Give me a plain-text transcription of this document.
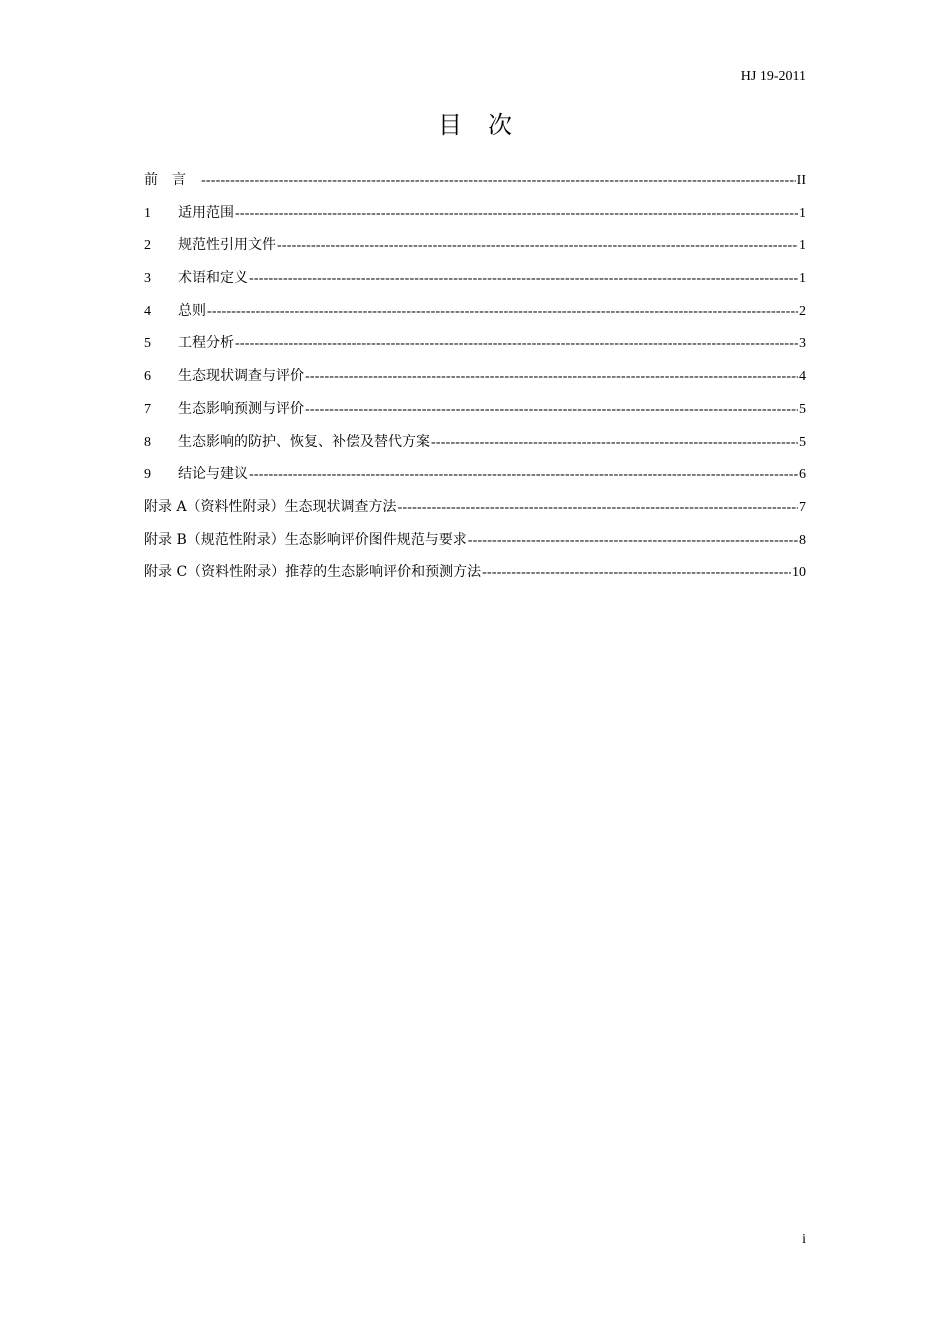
HJ 19-2011
目次
前言 -----	II
1	适用范围 -----	1
2	规范性引用文件 -----	1
3	术语和定义 -----	1
4	总则 -----	2
5	工程分析 -----	3
6	生态现状调查与评价 -----	4
7	生态影响预测与评价 -----	5
8	生态影响的防护、恢复、补偿及替代方案 -----	5
9	结论与建议 -----	6
附录 A（资料性附录）生态现状调查方法 -----	7
附录 B（规范性附录）生态影响评价图件规范与要求 -----	8
附录 C（资料性附录）推荐的生态影响评价和预测方法 -----	10
i
